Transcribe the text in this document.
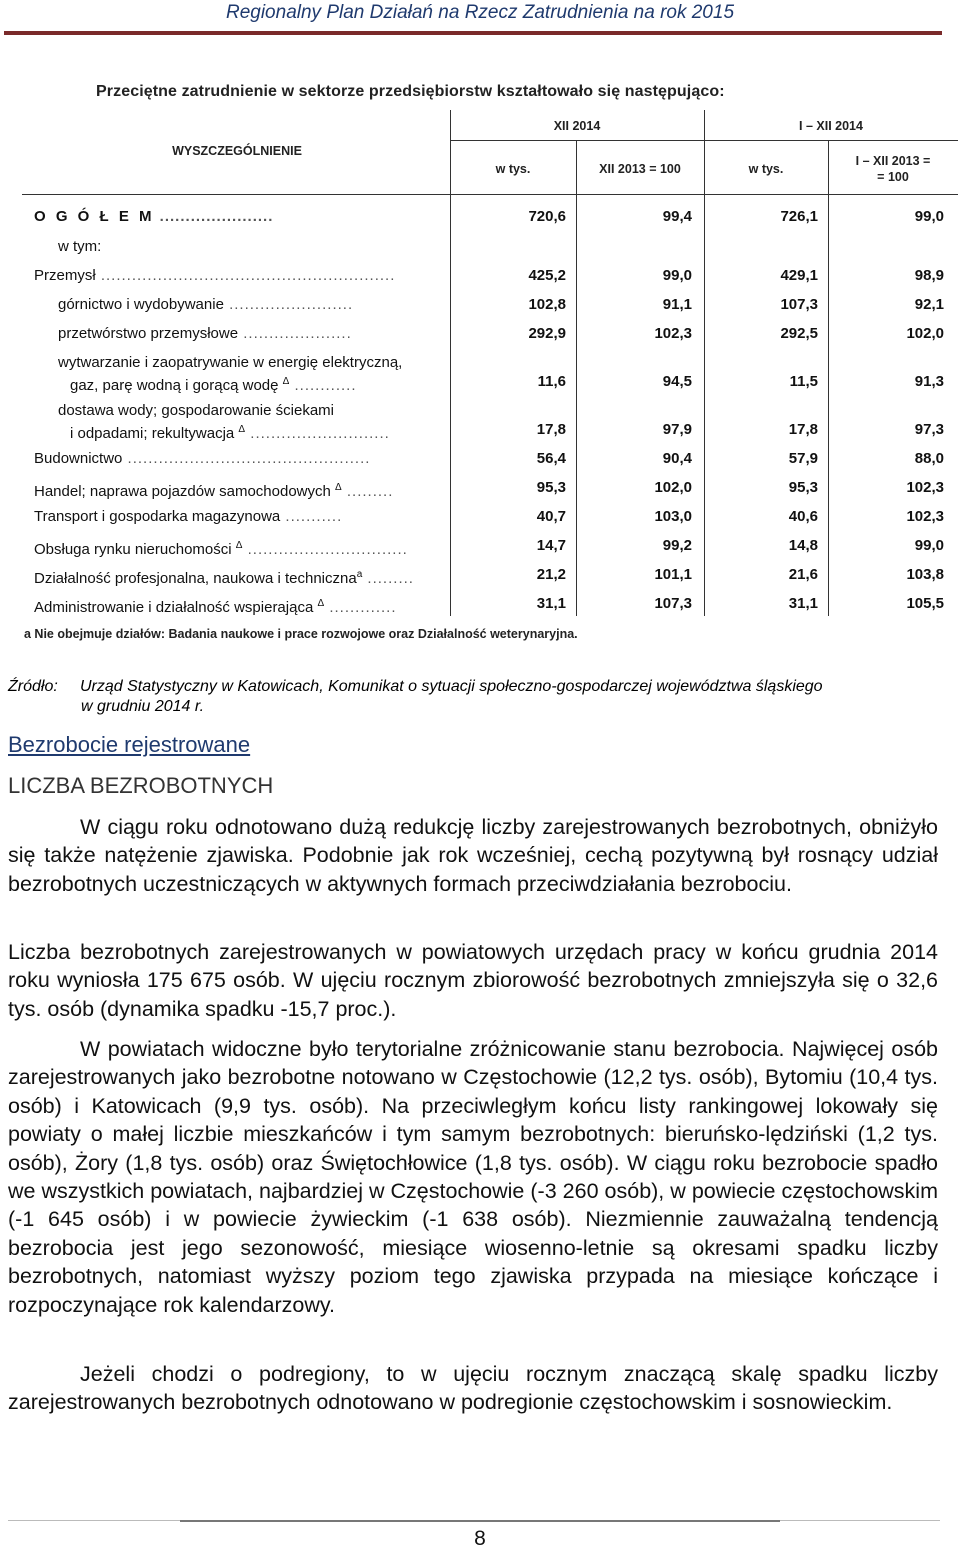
Regionalny Plan Działań na Rzecz Zatrudnienia na rok 2015
Przeciętne zatrudnienie w sektorze przedsiębiorstw kształtowało się następująco:
WYSZCZEGÓLNIENIE
XII 2014	I – XII 2014
w tys.	XII 2013 = 100	w tys.
I – XII 2013 =
= 100
O G Ó Ł E M ......................	720,6	99,4	726,1	99,0
w tym:
Przemysł .........................................................	425,2	99,0	429,1	98,9
górnictwo i wydobywanie ........................	102,8	91,1	107,3	92,1
przetwórstwo przemysłowe .....................	292,9	102,3	292,5	102,0
wytwarzanie i zaopatrywanie w energię elektryczną,
gaz, parę wodną i gorącą wodę $^\Delta$ ............	11,6	94,5	11,5	91,3
dostawa wody; gospodarowanie ściekami
i odpadami; rekultywacja $^\Delta$ ...........................	17,8	97,9	17,8	97,3
Budownictwo ...............................................	56,4	90,4	57,9	88,0
Handel; naprawa pojazdów samochodowych $^\Delta$ .........	95,3	102,0	95,3	102,3
Transport i gospodarka magazynowa ...........	40,7	103,0	40,6	102,3
Obsługa rynku nieruchomości $^\Delta$ ...............................	14,7	99,2	14,8	99,0
Działalność profesjonalna, naukowa i techniczna$^a$ .........	21,2	101,1	21,6	103,8
Administrowanie i działalność wspierająca $^\Delta$ .............	31,1	107,3	31,1	105,5
a Nie obejmuje działów: Badania naukowe i prace rozwojowe oraz Działalność weterynaryjna.
Źródło: Urząd Statystyczny w Katowicach, Komunikat o sytuacji społeczno-gospodarczej województwa śląskiego
w grudniu 2014 r.
Bezrobocie rejestrowane
LICZBA BEZROBOTNYCH
W ciągu roku odnotowano dużą redukcję liczby zarejestrowanych bezrobotnych, obniżyło się także natężenie zjawiska. Podobnie jak rok wcześniej, cechą pozytywną był rosnący udział bezrobotnych uczestniczących w aktywnych formach przeciwdziałania bezrobociu.
Liczba bezrobotnych zarejestrowanych w powiatowych urzędach pracy w końcu grudnia 2014 roku wyniosła 175 675 osób. W ujęciu rocznym zbiorowość bezrobotnych zmniejszyła się o 32,6 tys. osób (dynamika spadku -15,7 proc.).
W powiatach widoczne było terytorialne zróżnicowanie stanu bezrobocia. Najwięcej osób zarejestrowanych jako bezrobotne notowano w Częstochowie (12,2 tys. osób), Bytomiu (10,4 tys. osób) i Katowicach (9,9 tys. osób). Na przeciwległym końcu listy rankingowej lokowały się powiaty o małej liczbie mieszkańców i tym samym bezrobotnych: bieruńsko-lędziński (1,2 tys. osób), Żory (1,8 tys. osób) oraz Świętochłowice (1,8 tys. osób). W ciągu roku bezrobocie spadło we wszystkich powiatach, najbardziej w Częstochowie (-3 260 osób), w powiecie częstochowskim (-1 645 osób) i w powiecie żywieckim (-1 638 osób). Niezmiennie zauważalną tendencją bezrobocia jest jego sezonowość, miesiące wiosenno-letnie są okresami spadku liczby bezrobotnych, natomiast wyższy poziom tego zjawiska przypada na miesiące kończące i rozpoczynające rok kalendarzowy.
Jeżeli chodzi o podregiony, to w ujęciu rocznym znaczącą skalę spadku liczby zarejestrowanych bezrobotnych odnotowano w podregionie częstochowskim i sosnowieckim.
8
